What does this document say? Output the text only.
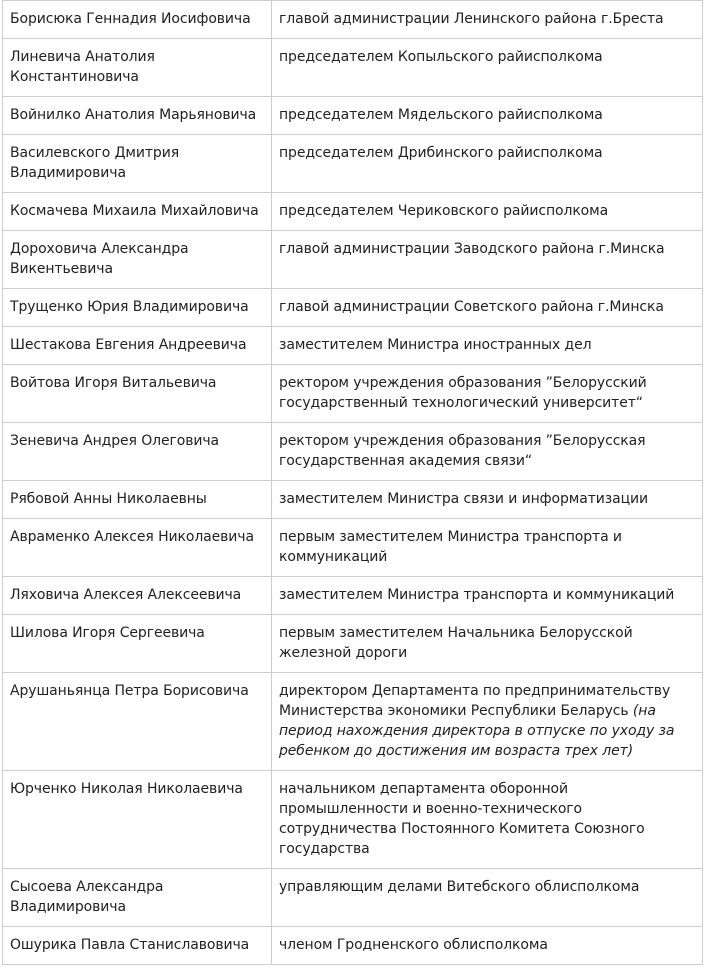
Борисюка Геннадия Иосифовича	главой администрации Ленинского района г.Бреста
Линевича Анатолия Константиновича	председателем Копыльского райисполкома
Войнилко Анатолия Марьяновича	председателем Мядельского райисполкома
Василевского Дмитрия Владимировича	председателем Дрибинского райисполкома
Космачева Михаила Михайловича	председателем Чериковского райисполкома
Дороховича Александра Викентьевича	главой администрации Заводского района г.Минска
Трущенко Юрия Владимировича	главой администрации Советского района г.Минска
Шестакова Евгения Андреевича	заместителем Министра иностранных дел
Войтова Игоря Витальевича	ректором учреждения образования ”Белорусский государственный технологический университет“
Зеневича Андрея Олеговича	ректором учреждения образования ”Белорусская государственная академия связи“
Рябовой Анны Николаевны	заместителем Министра связи и информатизации
Авраменко Алексея Николаевича	первым заместителем Министра транспорта и коммуникаций
Ляховича Алексея Алексеевича	заместителем Министра транспорта и коммуникаций
Шилова Игоря Сергеевича	первым заместителем Начальника Белорусской железной дороги
Арушаньянца Петра Борисовича	директором Департамента по предпринимательству Министерства экономики Республики Беларусь (на период нахождения директора в отпуске по уходу за ребенком до достижения им возраста трех лет)
Юрченко Николая Николаевича	начальником департамента оборонной промышленности и военно-технического сотрудничества Постоянного Комитета Союзного государства
Сысоева Александра Владимировича	управляющим делами Витебского облисполкома
Ошурика Павла Станиславовича	членом Гродненского облисполкома
